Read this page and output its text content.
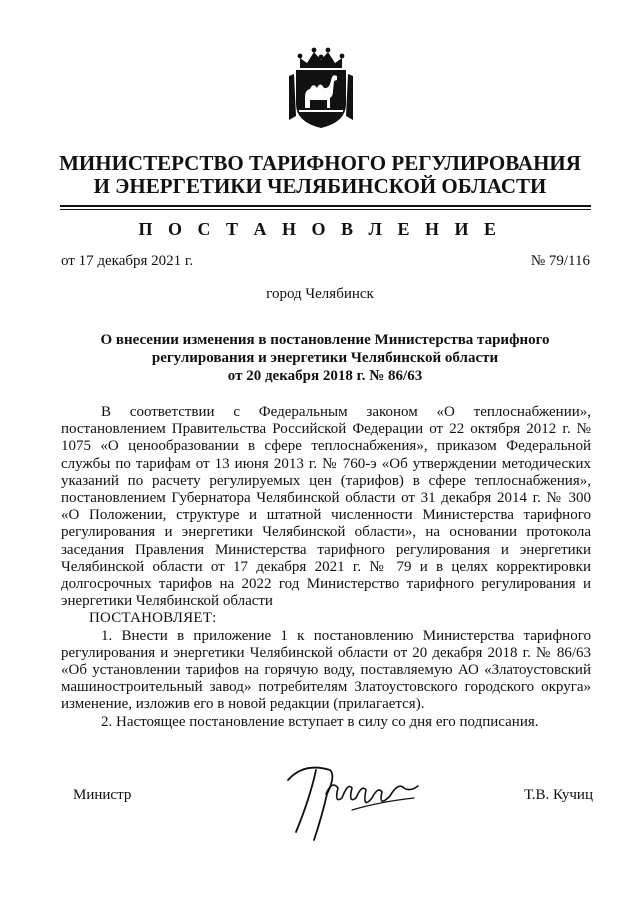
МИНИСТЕРСТВО ТАРИФНОГО РЕГУЛИРОВАНИЯ
И ЭНЕРГЕТИКИ ЧЕЛЯБИНСКОЙ ОБЛАСТИ
П О С Т А Н О В Л Е Н И Е
от 17 декабря 2021 г.	№ 79/116
город Челябинск
О внесении изменения в постановление Министерства тарифного
регулирования и энергетики Челябинской области
от 20 декабря 2018 г. № 86/63

В соответствии с Федеральным законом «О теплоснабжении», постановлением Правительства Российской Федерации от 22 октября 2012 г. № 1075 «О ценообразовании в сфере теплоснабжения», приказом Федеральной службы по тарифам от 13 июня 2013 г. № 760-э «Об утверждении методических указаний по расчету регулируемых цен (тарифов) в сфере теплоснабжения», постановлением Губернатора Челябинской области от 31 декабря 2014 г. № 300 «О Положении, структуре и штатной численности Министерства тарифного регулирования и энергетики Челябинской области», на основании протокола заседания Правления Министерства тарифного регулирования и энергетики Челябинской области от 17 декабря 2021 г. № 79 и в целях корректировки долгосрочных тарифов на 2022 год Министерство тарифного регулирования и энергетики Челябинской области

ПОСТАНОВЛЯЕТ:

1. Внести в приложение 1 к постановлению Министерства тарифного регулирования и энергетики Челябинской области от 20 декабря 2018 г. № 86/63 «Об установлении тарифов на горячую воду, поставляемую АО «Златоустовский машиностроительный завод» потребителям Златоустовского городского округа» изменение, изложив его в новой редакции (прилагается).

2. Настоящее постановление вступает в силу со дня его подписания.

Министр	Т.В. Кучиц
